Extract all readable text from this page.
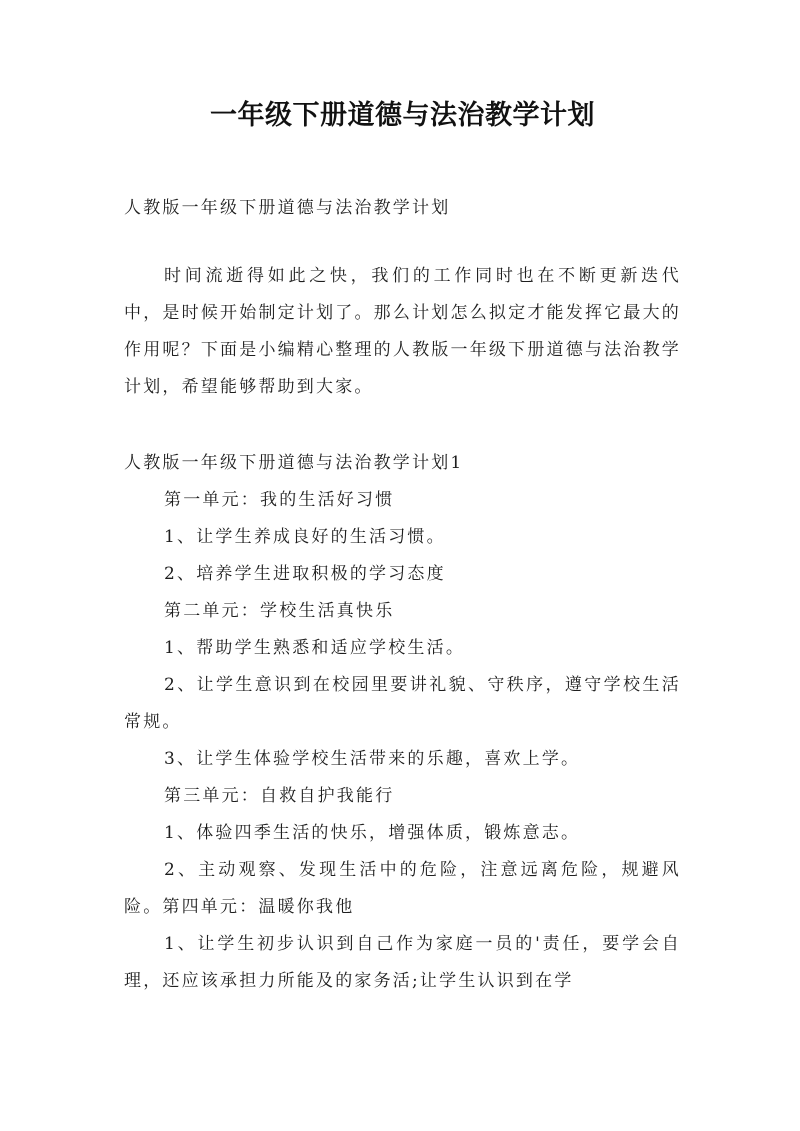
一年级下册道德与法治教学计划

人教版一年级下册道德与法治教学计划

时间流逝得如此之快，我们的工作同时也在不断更新迭代中，是时候开始制定计划了。那么计划怎么拟定才能发挥它最大的作用呢？下面是小编精心整理的人教版一年级下册道德与法治教学计划，希望能够帮助到大家。

人教版一年级下册道德与法治教学计划1

第一单元：我的生活好习惯

1、让学生养成良好的生活习惯。

2、培养学生进取积极的学习态度

第二单元：学校生活真快乐

1、帮助学生熟悉和适应学校生活。

2、让学生意识到在校园里要讲礼貌、守秩序，遵守学校生活常规。

3、让学生体验学校生活带来的乐趣，喜欢上学。

第三单元：自救自护我能行

1、体验四季生活的快乐，增强体质，锻炼意志。

2、主动观察、发现生活中的危险，注意远离危险，规避风险。第四单元：温暖你我他

1、让学生初步认识到自己作为家庭一员的'责任，要学会自理，还应该承担力所能及的家务活;让学生认识到在学
